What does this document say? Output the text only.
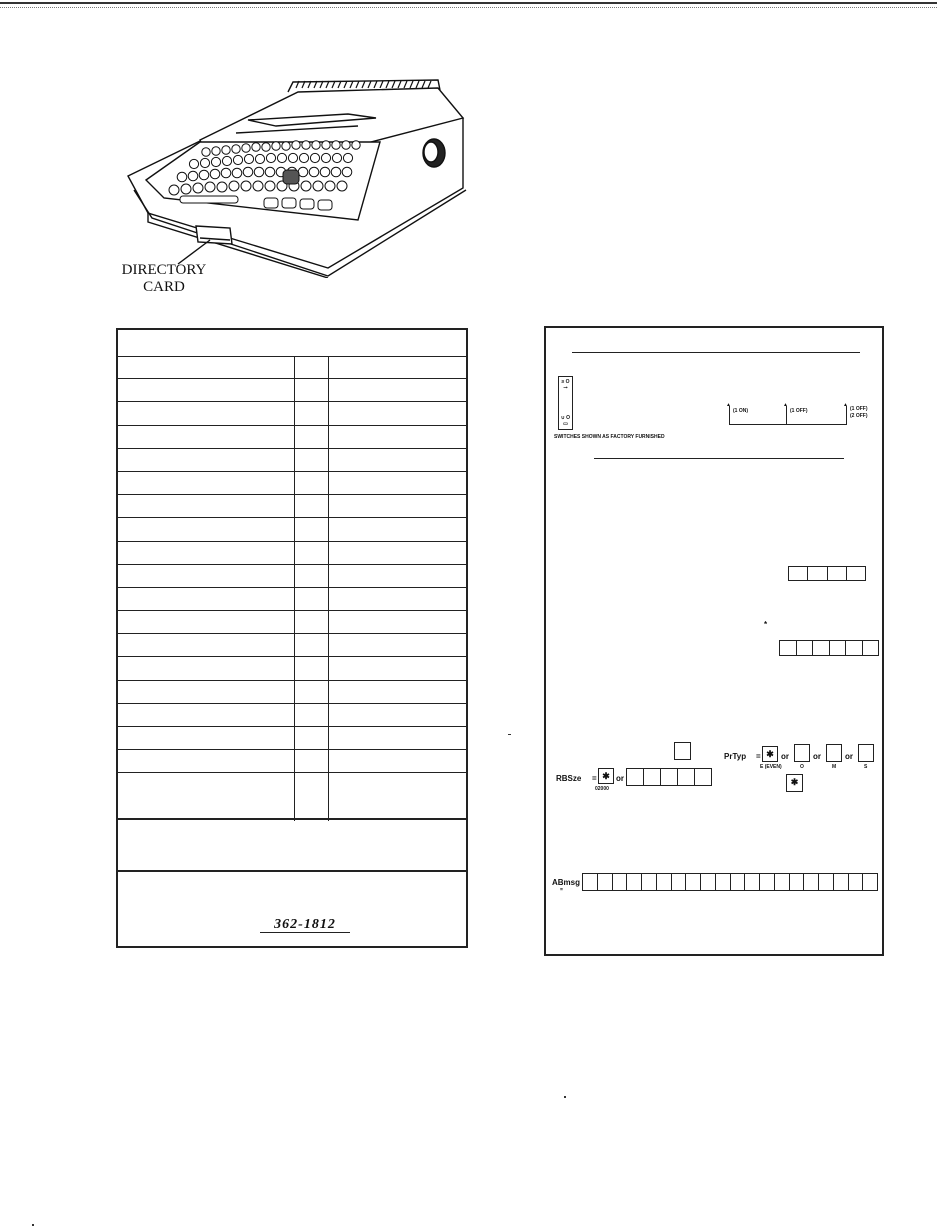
DIRECTORY
CARD
362-1812
≥ O ⊸
∪ O ▭
SWITCHES SHOWN AS FACTORY FURNISHED
▲	▲	▲
(1 ON)	(1 OFF)	(1 OFF)
(2 OFF)
*
RBSze = ✱ or
02000
PrTyp = ✱ or	or	or
E (EVEN)	O	M	S
✱
ABmsg
=
